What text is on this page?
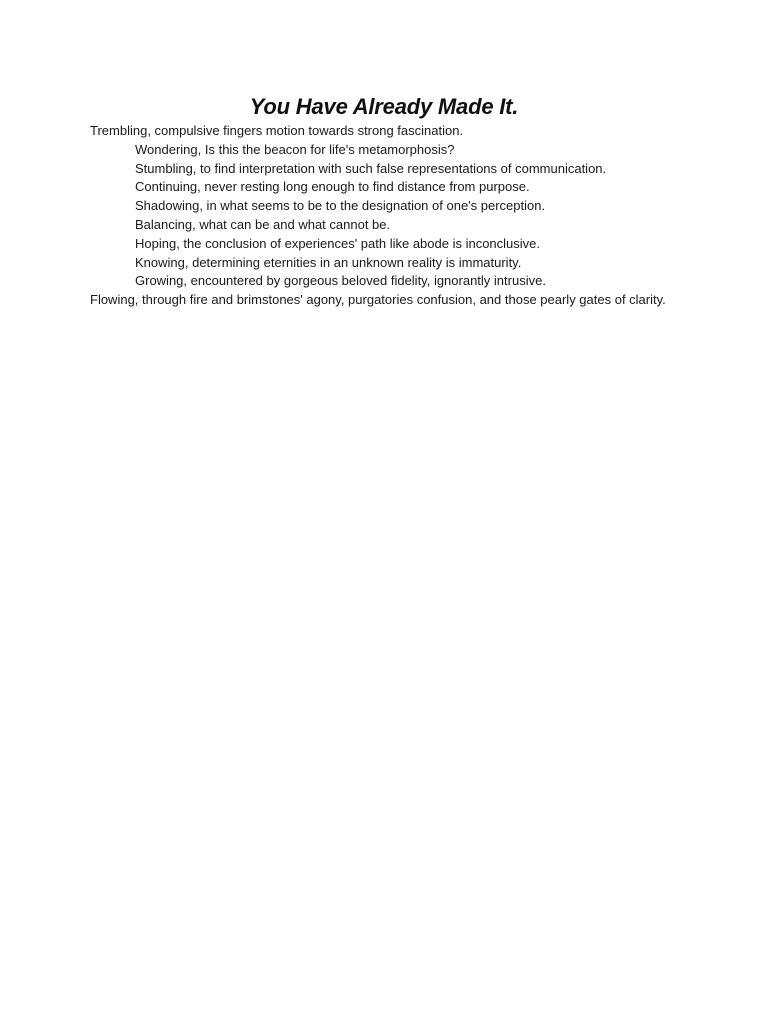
You Have Already Made It.

Trembling, compulsive fingers motion towards strong fascination.

Wondering, Is this the beacon for life's metamorphosis?

Stumbling, to find interpretation with such false representations of communication.

Continuing, never resting long enough to find distance from purpose.

Shadowing, in what seems to be to the designation of one's perception.

Balancing, what can be and what cannot be.

Hoping, the conclusion of experiences' path like abode is inconclusive.

Knowing, determining eternities in an unknown reality is immaturity.

Growing, encountered by gorgeous beloved fidelity, ignorantly intrusive.

Flowing, through fire and brimstones' agony, purgatories confusion, and those pearly gates of clarity.
